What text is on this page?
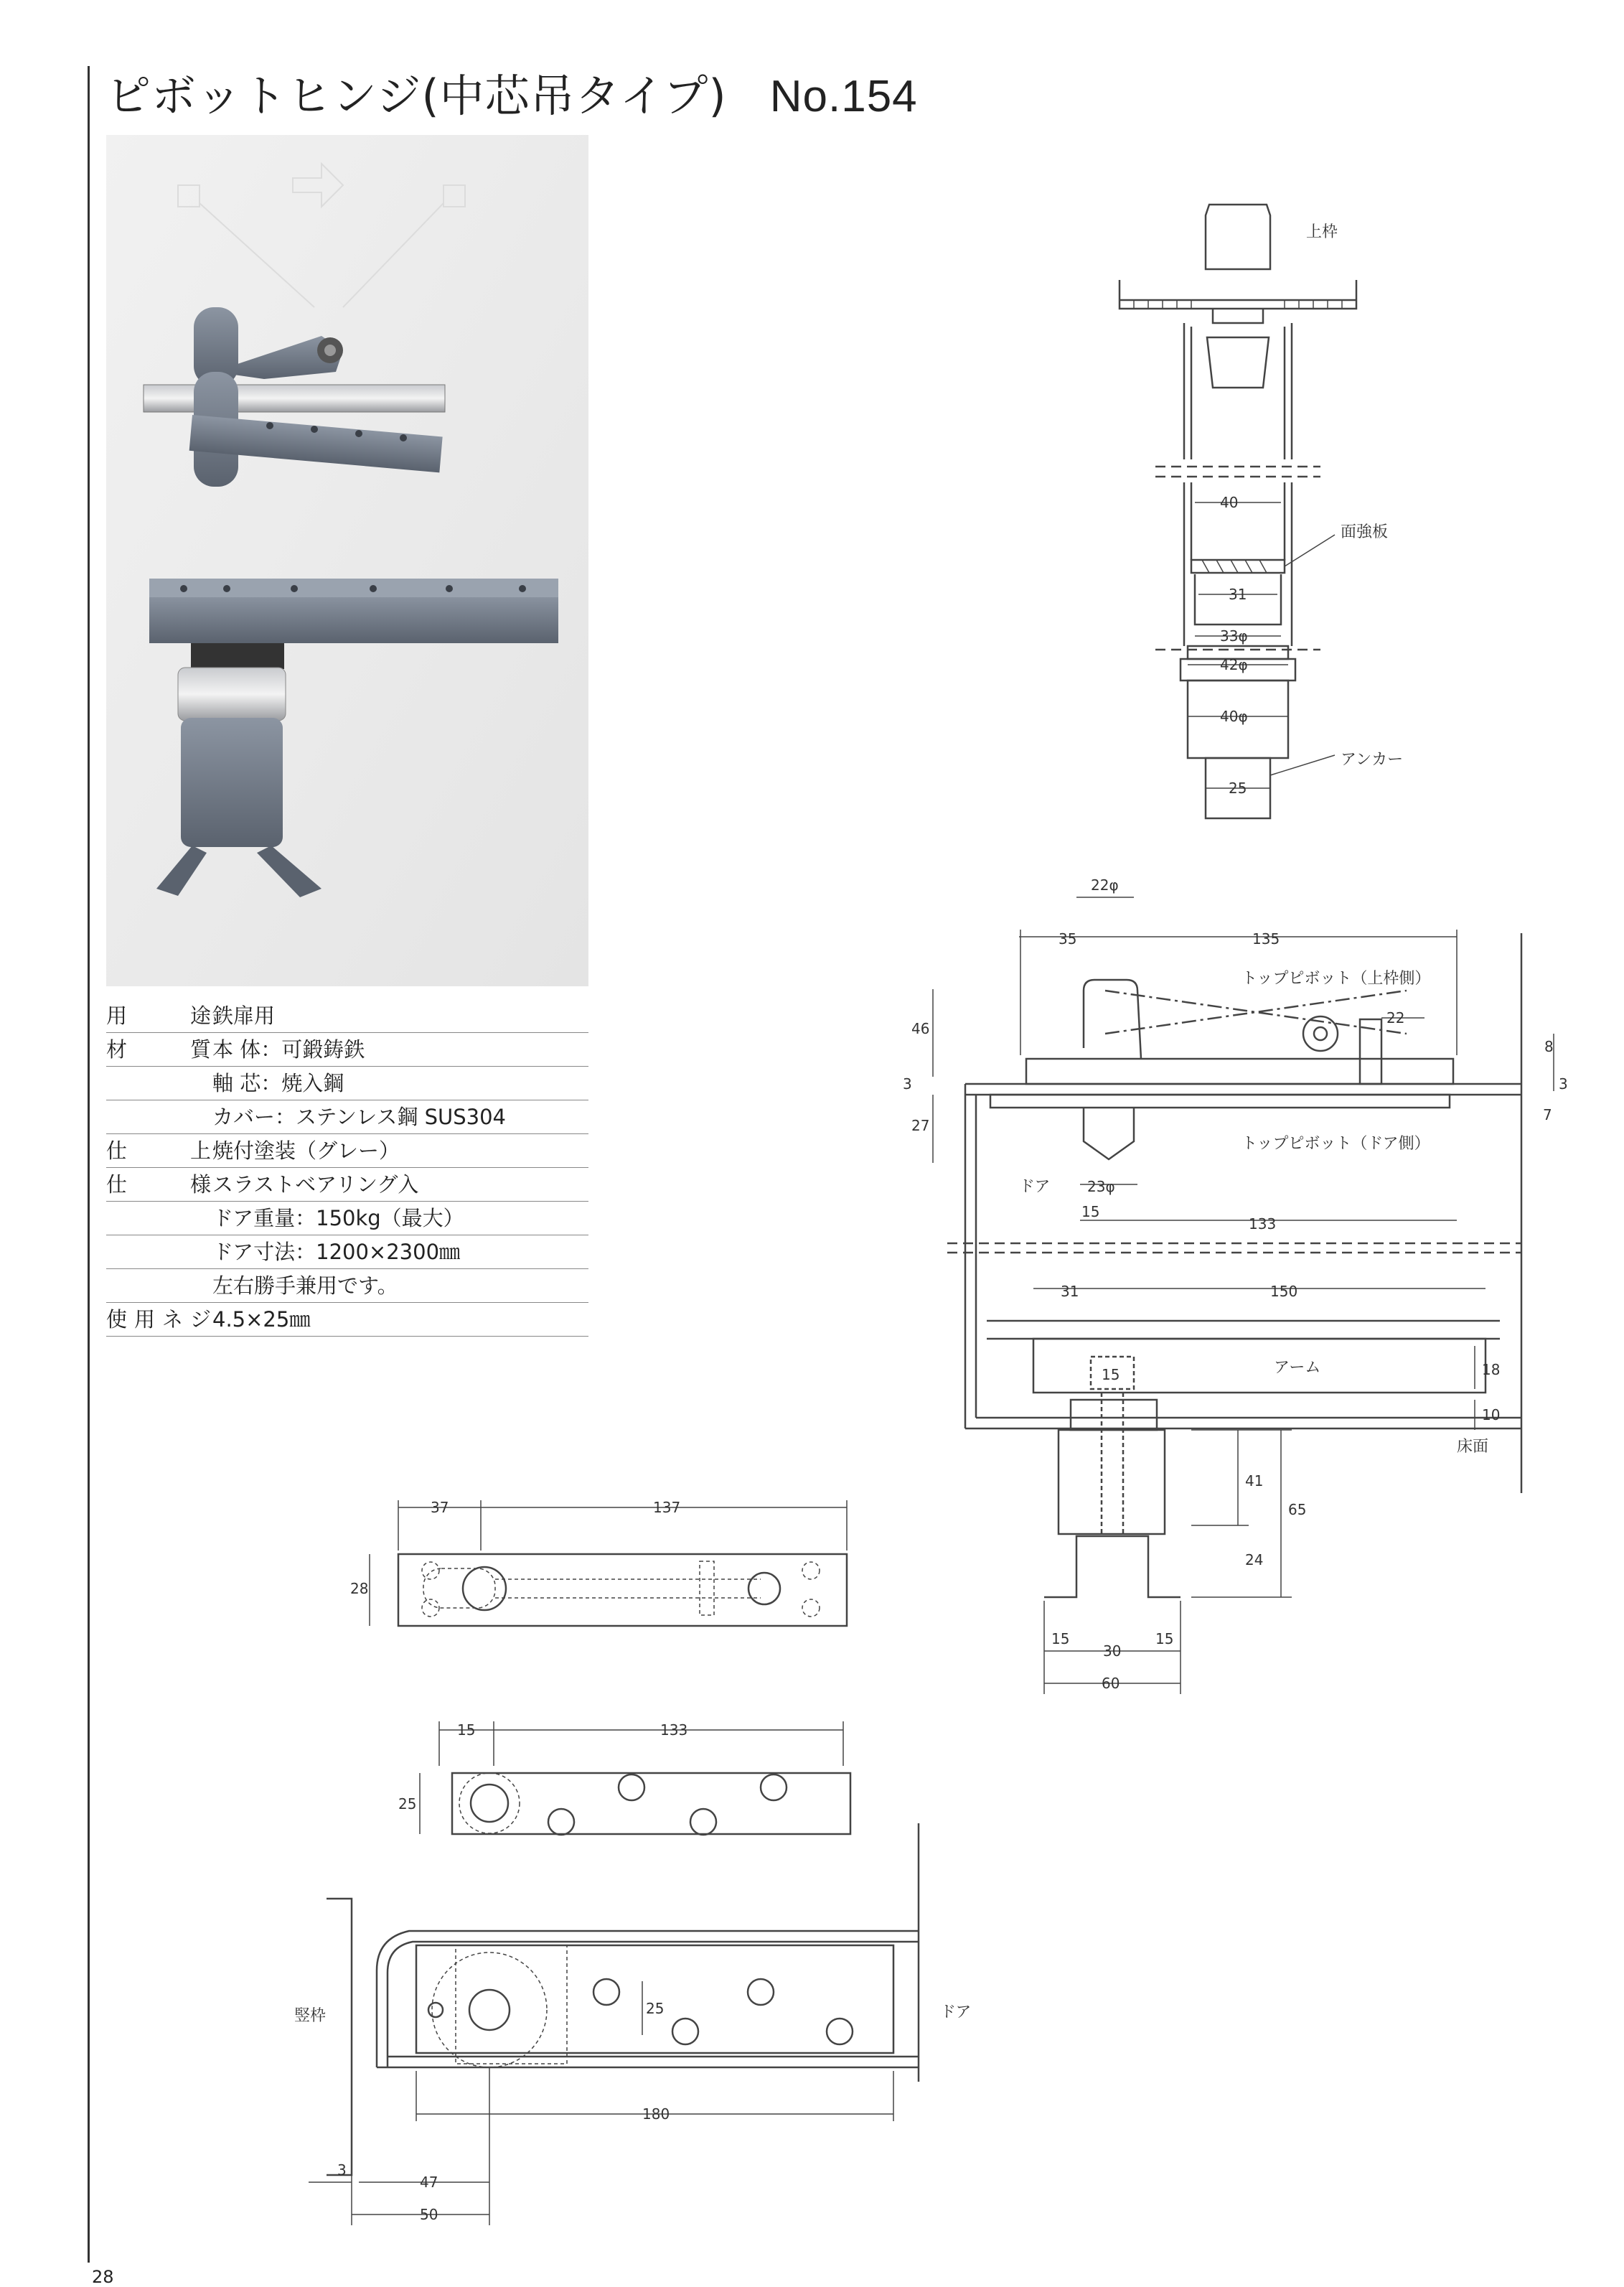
ピボットヒンジ(中芯吊タイプ) No.154
用　途 鉄扉用
材　質 本 体：可鍛鋳鉄
軸 芯：焼入鋼
カバー：ステンレス鋼 SUS304
仕　上 焼付塗装（グレー）
仕　様 スラストベアリング入
ドア重量：150kg（最大）
ドア寸法：1200×2300㎜
左右勝手兼用です。
使用ネジ 4.5×25㎜
上枠
面強板
アンカー
トップピボット（上枠側）
トップピボット（ドア側）
ドア
アーム
床面
竪枠	ドア
40
31
33φ
42φ
40φ
25
22φ
35	135
22
46
3
27
8
7
3
23φ
15
133
31	150
15	18
10
41
65
24
15
30
15
60
37	137
28
15	133
25
25
180
3
47
50
28
